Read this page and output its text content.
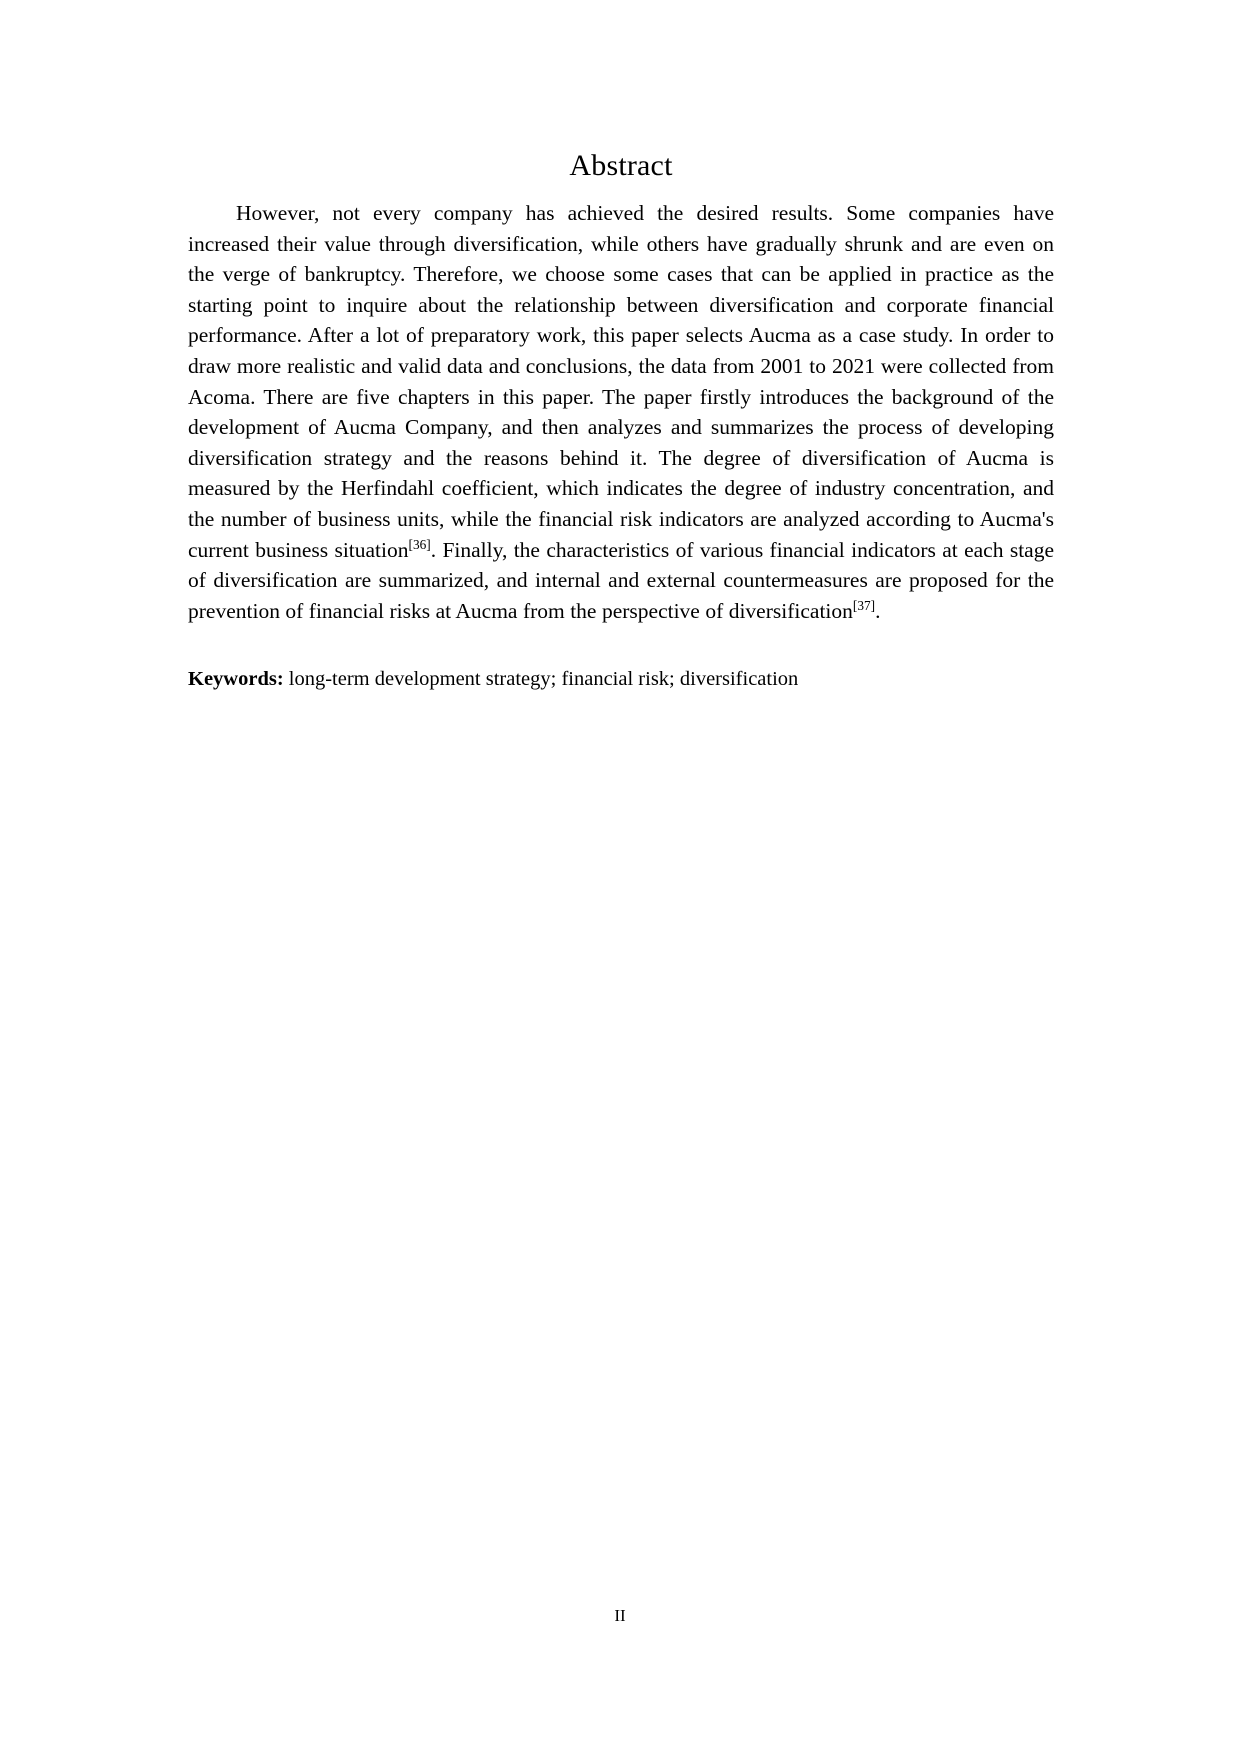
Abstract

However, not every company has achieved the desired results. Some companies have increased their value through diversification, while others have gradually shrunk and are even on the verge of bankruptcy. Therefore, we choose some cases that can be applied in practice as the starting point to inquire about the relationship between diversification and corporate financial performance. After a lot of preparatory work, this paper selects Aucma as a case study. In order to draw more realistic and valid data and conclusions, the data from 2001 to 2021 were collected from Acoma. There are five chapters in this paper. The paper firstly introduces the background of the development of Aucma Company, and then analyzes and summarizes the process of developing diversification strategy and the reasons behind it. The degree of diversification of Aucma is measured by the Herfindahl coefficient, which indicates the degree of industry concentration, and the number of business units, while the financial risk indicators are analyzed according to Aucma's current business situation[36]. Finally, the characteristics of various financial indicators at each stage of diversification are summarized, and internal and external countermeasures are proposed for the prevention of financial risks at Aucma from the perspective of diversification[37].

Keywords: long-term development strategy; financial risk; diversification

II
